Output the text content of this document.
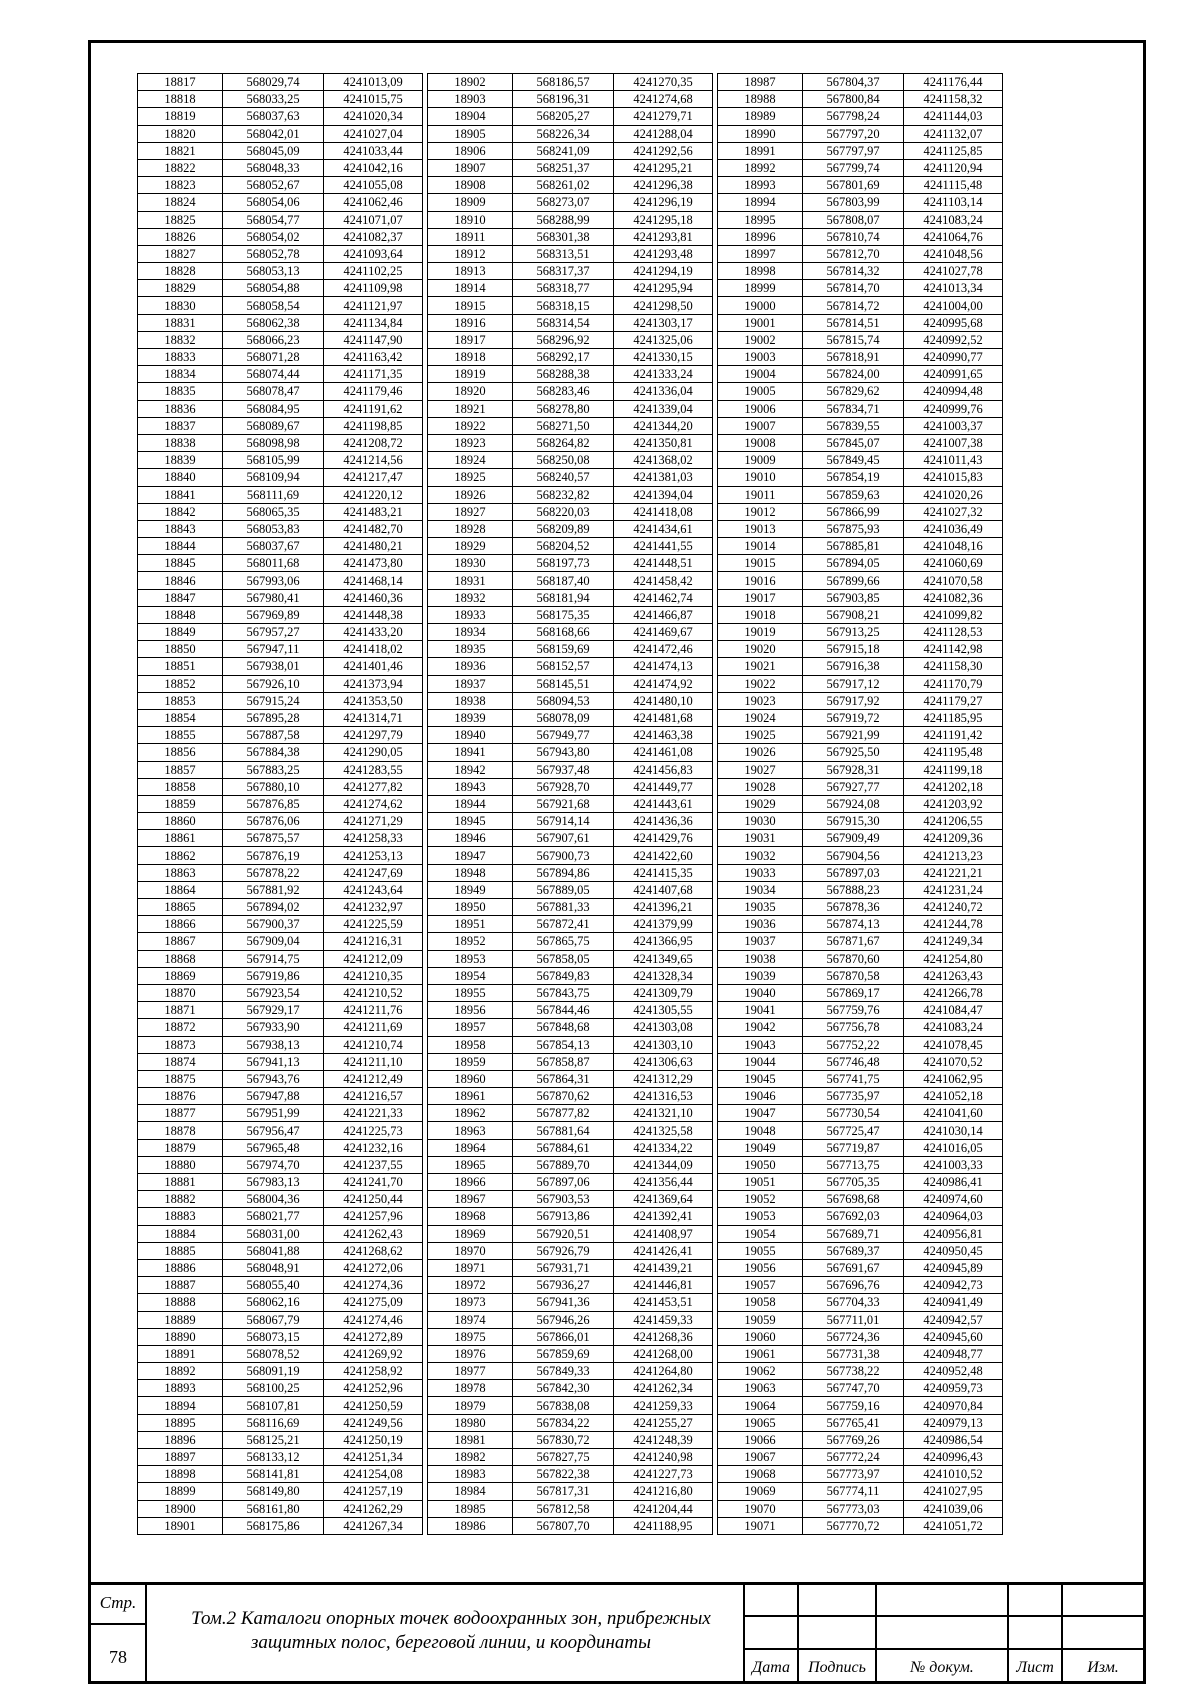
18817	568029,74	4241013,09
18818	568033,25	4241015,75
18819	568037,63	4241020,34
18820	568042,01	4241027,04
18821	568045,09	4241033,44
18822	568048,33	4241042,16
18823	568052,67	4241055,08
18824	568054,06	4241062,46
18825	568054,77	4241071,07
18826	568054,02	4241082,37
18827	568052,78	4241093,64
18828	568053,13	4241102,25
18829	568054,88	4241109,98
18830	568058,54	4241121,97
18831	568062,38	4241134,84
18832	568066,23	4241147,90
18833	568071,28	4241163,42
18834	568074,44	4241171,35
18835	568078,47	4241179,46
18836	568084,95	4241191,62
18837	568089,67	4241198,85
18838	568098,98	4241208,72
18839	568105,99	4241214,56
18840	568109,94	4241217,47
18841	568111,69	4241220,12
18842	568065,35	4241483,21
18843	568053,83	4241482,70
18844	568037,67	4241480,21
18845	568011,68	4241473,80
18846	567993,06	4241468,14
18847	567980,41	4241460,36
18848	567969,89	4241448,38
18849	567957,27	4241433,20
18850	567947,11	4241418,02
18851	567938,01	4241401,46
18852	567926,10	4241373,94
18853	567915,24	4241353,50
18854	567895,28	4241314,71
18855	567887,58	4241297,79
18856	567884,38	4241290,05
18857	567883,25	4241283,55
18858	567880,10	4241277,82
18859	567876,85	4241274,62
18860	567876,06	4241271,29
18861	567875,57	4241258,33
18862	567876,19	4241253,13
18863	567878,22	4241247,69
18864	567881,92	4241243,64
18865	567894,02	4241232,97
18866	567900,37	4241225,59
18867	567909,04	4241216,31
18868	567914,75	4241212,09
18869	567919,86	4241210,35
18870	567923,54	4241210,52
18871	567929,17	4241211,76
18872	567933,90	4241211,69
18873	567938,13	4241210,74
18874	567941,13	4241211,10
18875	567943,76	4241212,49
18876	567947,88	4241216,57
18877	567951,99	4241221,33
18878	567956,47	4241225,73
18879	567965,48	4241232,16
18880	567974,70	4241237,55
18881	567983,13	4241241,70
18882	568004,36	4241250,44
18883	568021,77	4241257,96
18884	568031,00	4241262,43
18885	568041,88	4241268,62
18886	568048,91	4241272,06
18887	568055,40	4241274,36
18888	568062,16	4241275,09
18889	568067,79	4241274,46
18890	568073,15	4241272,89
18891	568078,52	4241269,92
18892	568091,19	4241258,92
18893	568100,25	4241252,96
18894	568107,81	4241250,59
18895	568116,69	4241249,56
18896	568125,21	4241250,19
18897	568133,12	4241251,34
18898	568141,81	4241254,08
18899	568149,80	4241257,19
18900	568161,80	4241262,29
18901	568175,86	4241267,34
18902	568186,57	4241270,35
18903	568196,31	4241274,68
18904	568205,27	4241279,71
18905	568226,34	4241288,04
18906	568241,09	4241292,56
18907	568251,37	4241295,21
18908	568261,02	4241296,38
18909	568273,07	4241296,19
18910	568288,99	4241295,18
18911	568301,38	4241293,81
18912	568313,51	4241293,48
18913	568317,37	4241294,19
18914	568318,77	4241295,94
18915	568318,15	4241298,50
18916	568314,54	4241303,17
18917	568296,92	4241325,06
18918	568292,17	4241330,15
18919	568288,38	4241333,24
18920	568283,46	4241336,04
18921	568278,80	4241339,04
18922	568271,50	4241344,20
18923	568264,82	4241350,81
18924	568250,08	4241368,02
18925	568240,57	4241381,03
18926	568232,82	4241394,04
18927	568220,03	4241418,08
18928	568209,89	4241434,61
18929	568204,52	4241441,55
18930	568197,73	4241448,51
18931	568187,40	4241458,42
18932	568181,94	4241462,74
18933	568175,35	4241466,87
18934	568168,66	4241469,67
18935	568159,69	4241472,46
18936	568152,57	4241474,13
18937	568145,51	4241474,92
18938	568094,53	4241480,10
18939	568078,09	4241481,68
18940	567949,77	4241463,38
18941	567943,80	4241461,08
18942	567937,48	4241456,83
18943	567928,70	4241449,77
18944	567921,68	4241443,61
18945	567914,14	4241436,36
18946	567907,61	4241429,76
18947	567900,73	4241422,60
18948	567894,86	4241415,35
18949	567889,05	4241407,68
18950	567881,33	4241396,21
18951	567872,41	4241379,99
18952	567865,75	4241366,95
18953	567858,05	4241349,65
18954	567849,83	4241328,34
18955	567843,75	4241309,79
18956	567844,46	4241305,55
18957	567848,68	4241303,08
18958	567854,13	4241303,10
18959	567858,87	4241306,63
18960	567864,31	4241312,29
18961	567870,62	4241316,53
18962	567877,82	4241321,10
18963	567881,64	4241325,58
18964	567884,61	4241334,22
18965	567889,70	4241344,09
18966	567897,06	4241356,44
18967	567903,53	4241369,64
18968	567913,86	4241392,41
18969	567920,51	4241408,97
18970	567926,79	4241426,41
18971	567931,71	4241439,21
18972	567936,27	4241446,81
18973	567941,36	4241453,51
18974	567946,26	4241459,33
18975	567866,01	4241268,36
18976	567859,69	4241268,00
18977	567849,33	4241264,80
18978	567842,30	4241262,34
18979	567838,08	4241259,33
18980	567834,22	4241255,27
18981	567830,72	4241248,39
18982	567827,75	4241240,98
18983	567822,38	4241227,73
18984	567817,31	4241216,80
18985	567812,58	4241204,44
18986	567807,70	4241188,95
18987	567804,37	4241176,44
18988	567800,84	4241158,32
18989	567798,24	4241144,03
18990	567797,20	4241132,07
18991	567797,97	4241125,85
18992	567799,74	4241120,94
18993	567801,69	4241115,48
18994	567803,99	4241103,14
18995	567808,07	4241083,24
18996	567810,74	4241064,76
18997	567812,70	4241048,56
18998	567814,32	4241027,78
18999	567814,70	4241013,34
19000	567814,72	4241004,00
19001	567814,51	4240995,68
19002	567815,74	4240992,52
19003	567818,91	4240990,77
19004	567824,00	4240991,65
19005	567829,62	4240994,48
19006	567834,71	4240999,76
19007	567839,55	4241003,37
19008	567845,07	4241007,38
19009	567849,45	4241011,43
19010	567854,19	4241015,83
19011	567859,63	4241020,26
19012	567866,99	4241027,32
19013	567875,93	4241036,49
19014	567885,81	4241048,16
19015	567894,05	4241060,69
19016	567899,66	4241070,58
19017	567903,85	4241082,36
19018	567908,21	4241099,82
19019	567913,25	4241128,53
19020	567915,18	4241142,98
19021	567916,38	4241158,30
19022	567917,12	4241170,79
19023	567917,92	4241179,27
19024	567919,72	4241185,95
19025	567921,99	4241191,42
19026	567925,50	4241195,48
19027	567928,31	4241199,18
19028	567927,77	4241202,18
19029	567924,08	4241203,92
19030	567915,30	4241206,55
19031	567909,49	4241209,36
19032	567904,56	4241213,23
19033	567897,03	4241221,21
19034	567888,23	4241231,24
19035	567878,36	4241240,72
19036	567874,13	4241244,78
19037	567871,67	4241249,34
19038	567870,60	4241254,80
19039	567870,58	4241263,43
19040	567869,17	4241266,78
19041	567759,76	4241084,47
19042	567756,78	4241083,24
19043	567752,22	4241078,45
19044	567746,48	4241070,52
19045	567741,75	4241062,95
19046	567735,97	4241052,18
19047	567730,54	4241041,60
19048	567725,47	4241030,14
19049	567719,87	4241016,05
19050	567713,75	4241003,33
19051	567705,35	4240986,41
19052	567698,68	4240974,60
19053	567692,03	4240964,03
19054	567689,71	4240956,81
19055	567689,37	4240950,45
19056	567691,67	4240945,89
19057	567696,76	4240942,73
19058	567704,33	4240941,49
19059	567711,01	4240942,57
19060	567724,36	4240945,60
19061	567731,38	4240948,77
19062	567738,22	4240952,48
19063	567747,70	4240959,73
19064	567759,16	4240970,84
19065	567765,41	4240979,13
19066	567769,26	4240986,54
19067	567772,24	4240996,43
19068	567773,97	4241010,52
19069	567774,11	4241027,95
19070	567773,03	4241039,06
19071	567770,72	4241051,72
Стр.
78
Том.2 Каталоги опорных точек водоохранных зон, прибрежных
защитных полос, береговой линии, и координаты
Дата	Подпись	№ докум.	Лист	Изм.
